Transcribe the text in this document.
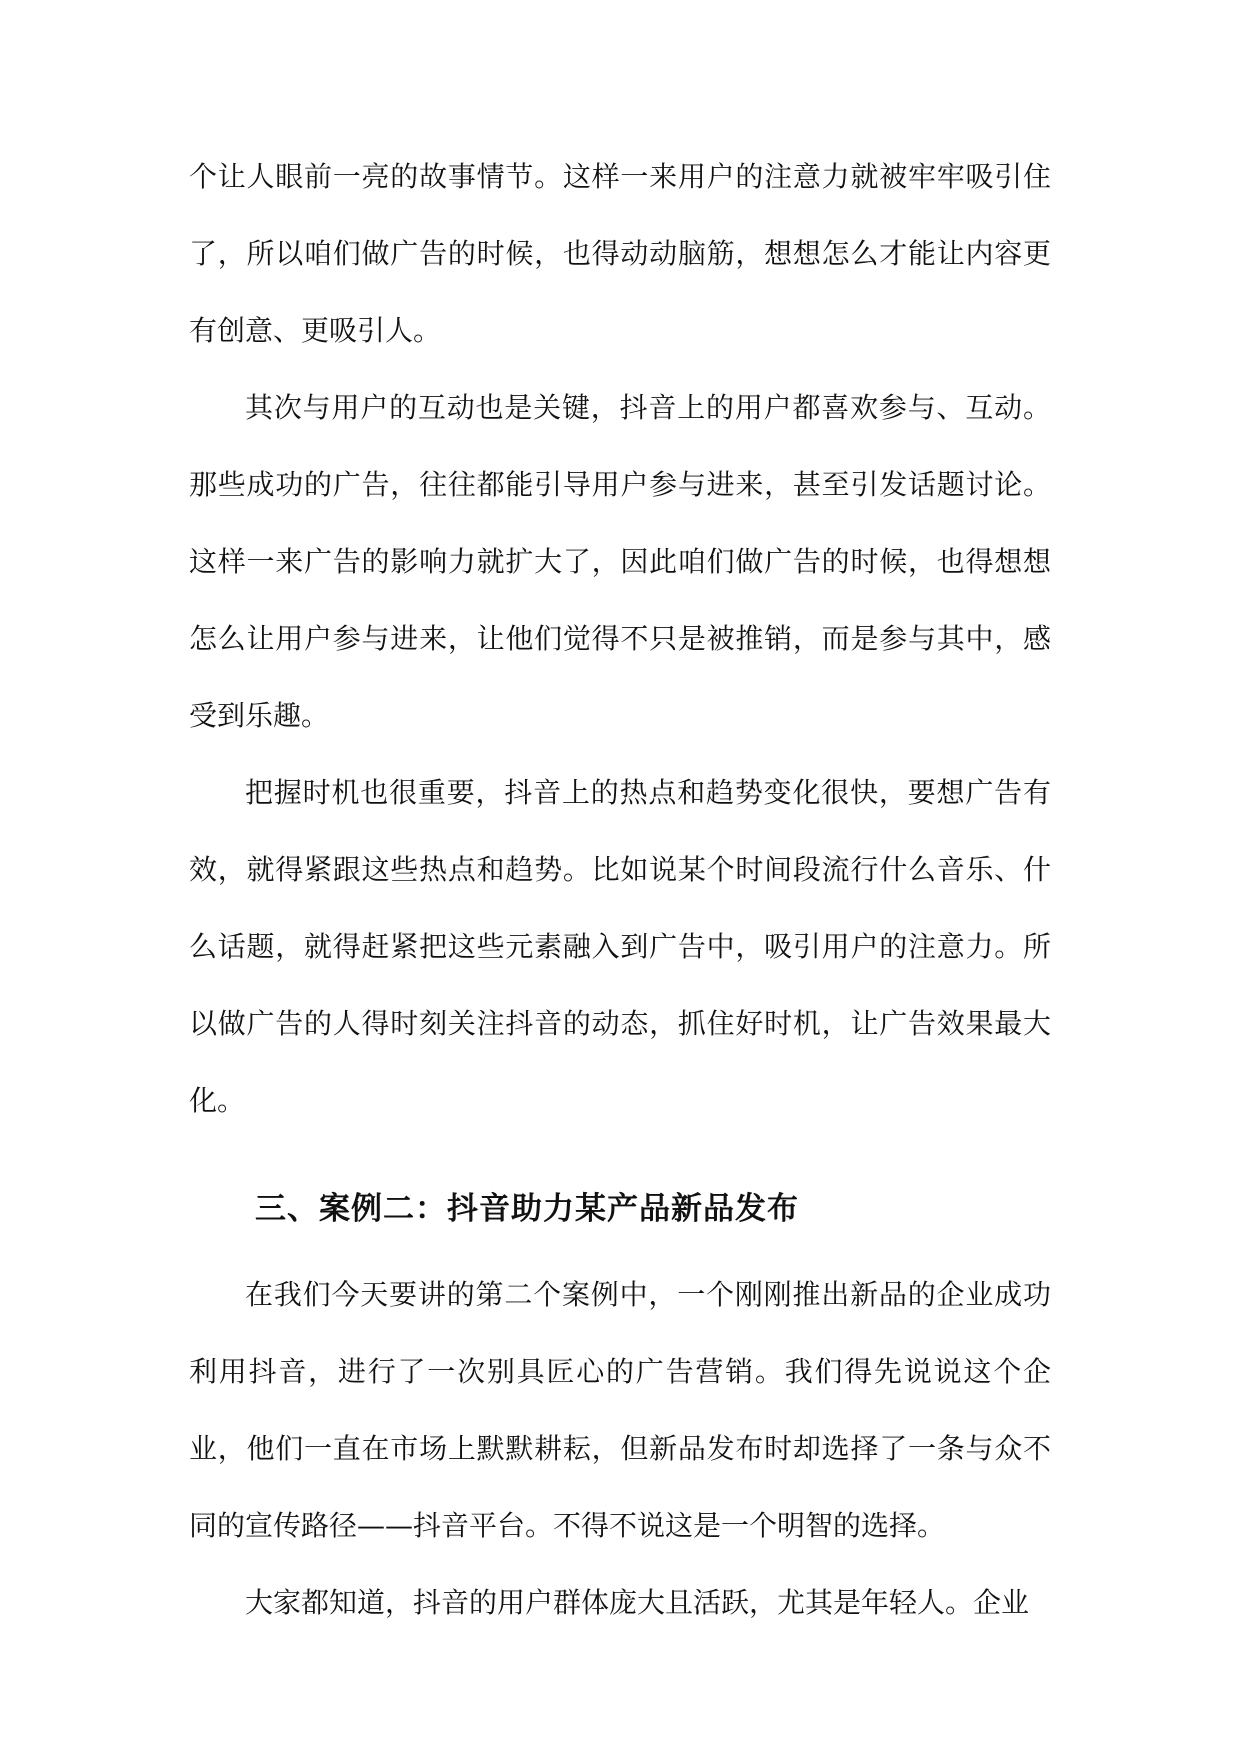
个让人眼前一亮的故事情节。这样一来用户的注意力就被牢牢吸引住了，所以咱们做广告的时候，也得动动脑筋，想想怎么才能让内容更有创意、更吸引人。

其次与用户的互动也是关键，抖音上的用户都喜欢参与、互动。那些成功的广告，往往都能引导用户参与进来，甚至引发话题讨论。这样一来广告的影响力就扩大了，因此咱们做广告的时候，也得想想怎么让用户参与进来，让他们觉得不只是被推销，而是参与其中，感受到乐趣。

把握时机也很重要，抖音上的热点和趋势变化很快，要想广告有效，就得紧跟这些热点和趋势。比如说某个时间段流行什么音乐、什么话题，就得赶紧把这些元素融入到广告中，吸引用户的注意力。所以做广告的人得时刻关注抖音的动态，抓住好时机，让广告效果最大化。

三、案例二：抖音助力某产品新品发布

在我们今天要讲的第二个案例中，一个刚刚推出新品的企业成功利用抖音，进行了一次别具匠心的广告营销。我们得先说说这个企业，他们一直在市场上默默耕耘，但新品发布时却选择了一条与众不同的宣传路径——抖音平台。不得不说这是一个明智的选择。

大家都知道，抖音的用户群体庞大且活跃，尤其是年轻人。企业
